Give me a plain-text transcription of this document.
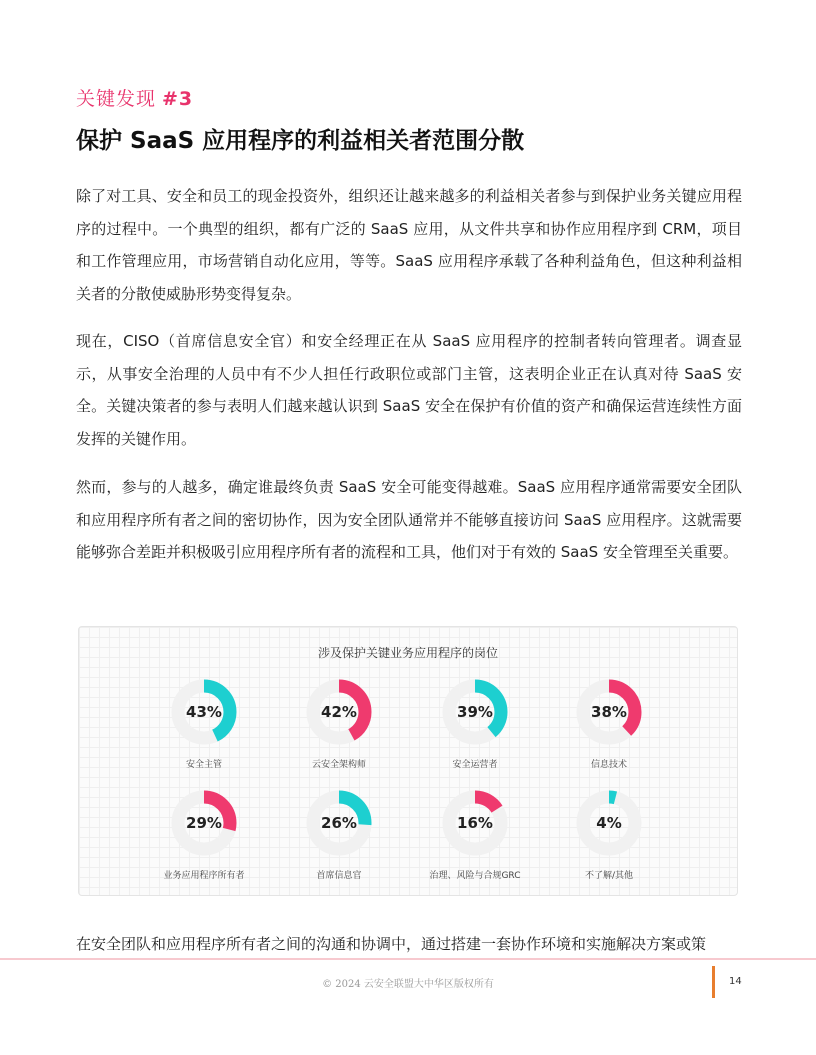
关键发现 #3
保护 SaaS 应用程序的利益相关者范围分散

除了对工具、安全和员工的现金投资外，组织还让越来越多的利益相关者参与到保护业务关键应用程序的过程中。一个典型的组织，都有广泛的 SaaS 应用，从文件共享和协作应用程序到 CRM，项目和工作管理应用，市场营销自动化应用，等等。SaaS 应用程序承载了各种利益角色，但这种利益相关者的分散使威胁形势变得复杂。

现在，CISO（首席信息安全官）和安全经理正在从 SaaS 应用程序的控制者转向管理者。调查显示，从事安全治理的人员中有不少人担任行政职位或部门主管，这表明企业正在认真对待 SaaS 安全。关键决策者的参与表明人们越来越认识到 SaaS 安全在保护有价值的资产和确保运营连续性方面发挥的关键作用。

然而，参与的人越多，确定谁最终负责 SaaS 安全可能变得越难。SaaS 应用程序通常需要安全团队和应用程序所有者之间的密切协作，因为安全团队通常并不能够直接访问 SaaS 应用程序。这就需要能够弥合差距并积极吸引应用程序所有者的流程和工具，他们对于有效的 SaaS 安全管理至关重要。

涉及保护关键业务应用程序的岗位
43%
安全主管
42%
云安全架构师
39%
安全运营者
38%
信息技术
29%
业务应用程序所有者
26%
首席信息官
16%
治理、风险与合规GRC
4%
不了解/其他

在安全团队和应用程序所有者之间的沟通和协调中，通过搭建一套协作环境和实施解决方案或策

© 2024 云安全联盟大中华区版权所有	14
